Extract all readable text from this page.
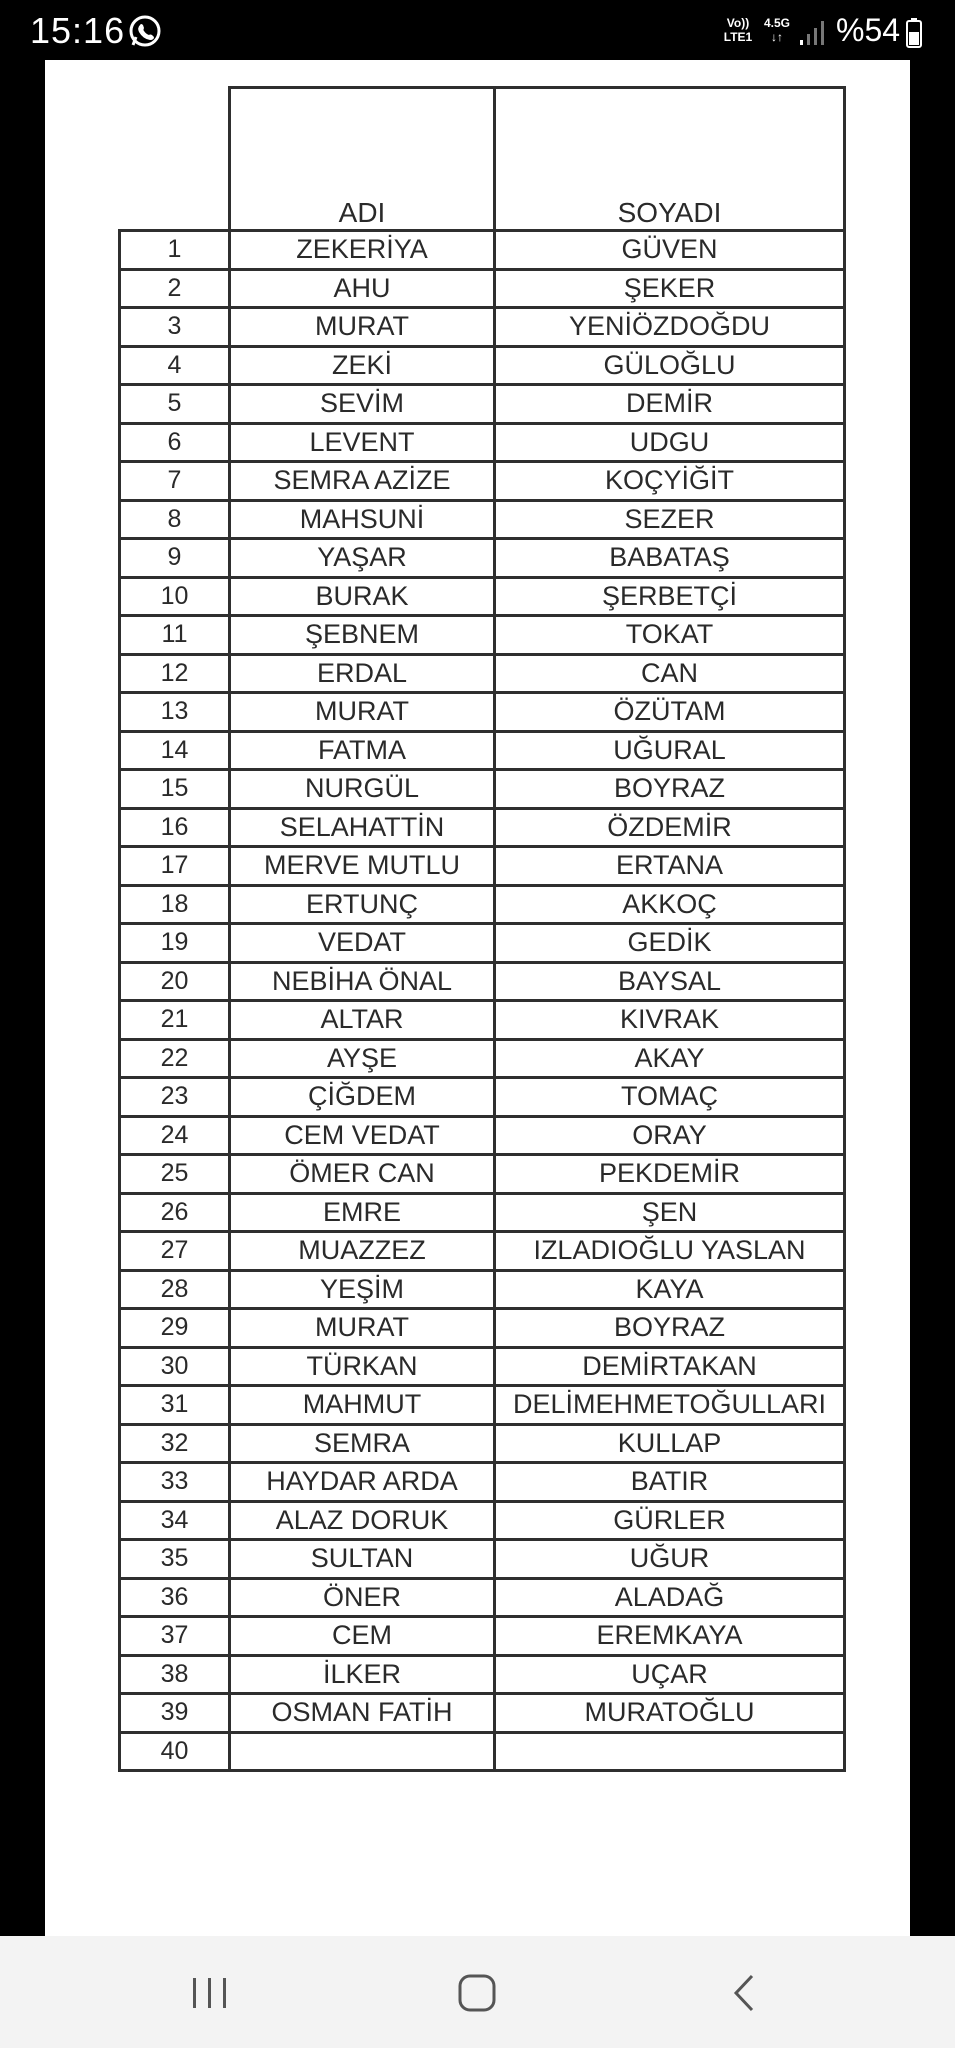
15:16	Vo))
LTE1
4.5G
↓↑	%54
	ADI	SOYADI
1	ZEKERİYA	GÜVEN
2	AHU	ŞEKER
3	MURAT	YENİÖZDOĞDU
4	ZEKİ	GÜLOĞLU
5	SEVİM	DEMİR
6	LEVENT	UDGU
7	SEMRA AZİZE	KOÇYİĞİT
8	MAHSUNİ	SEZER
9	YAŞAR	BABATAŞ
10	BURAK	ŞERBETÇİ
11	ŞEBNEM	TOKAT
12	ERDAL	CAN
13	MURAT	ÖZÜTAM
14	FATMA	UĞURAL
15	NURGÜL	BOYRAZ
16	SELAHATTİN	ÖZDEMİR
17	MERVE MUTLU	ERTANA
18	ERTUNÇ	AKKOÇ
19	VEDAT	GEDİK
20	NEBİHA ÖNAL	BAYSAL
21	ALTAR	KIVRAK
22	AYŞE	AKAY
23	ÇİĞDEM	TOMAÇ
24	CEM VEDAT	ORAY
25	ÖMER CAN	PEKDEMİR
26	EMRE	ŞEN
27	MUAZZEZ	IZLADIOĞLU YASLAN
28	YEŞİM	KAYA
29	MURAT	BOYRAZ
30	TÜRKAN	DEMİRTAKAN
31	MAHMUT	DELİMEHMETOĞULLARI
32	SEMRA	KULLAP
33	HAYDAR ARDA	BATIR
34	ALAZ DORUK	GÜRLER
35	SULTAN	UĞUR
36	ÖNER	ALADAĞ
37	CEM	EREMKAYA
38	İLKER	UÇAR
39	OSMAN FATİH	MURATOĞLU
40		
